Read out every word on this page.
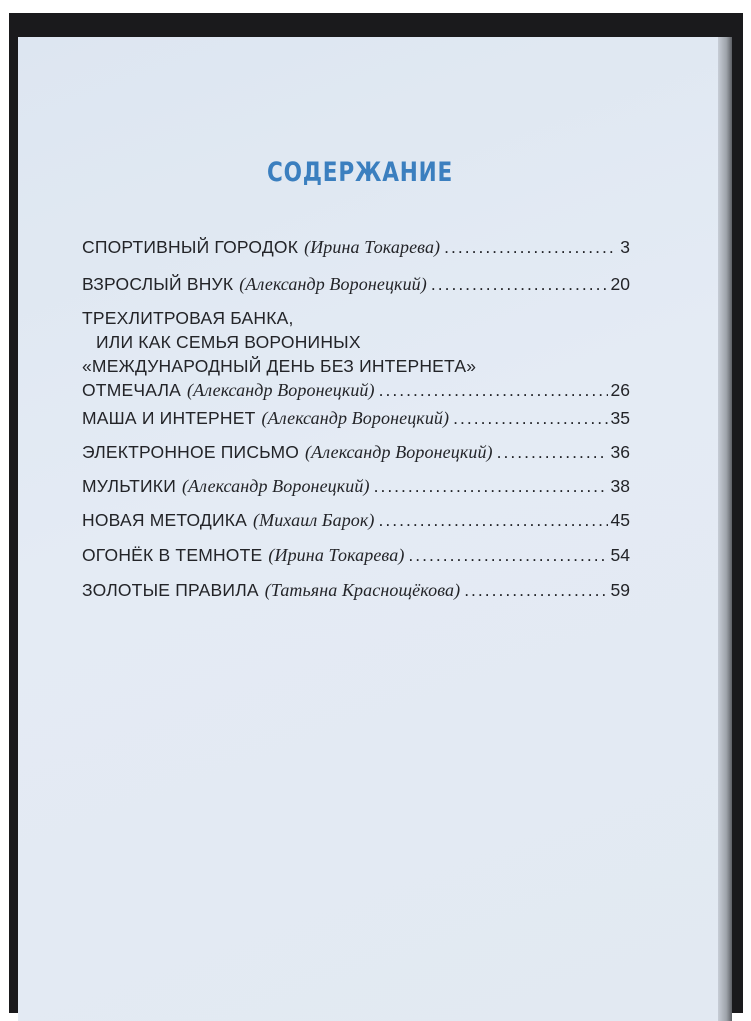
СОДЕРЖАНИЕ
СПОРТИВНЫЙ ГОРОДОК (Ирина Токарева) .....	3
ВЗРОСЛЫЙ ВНУК (Александр Воронецкий) .....	20
ТРЕХЛИТРОВАЯ БАНКА,
ИЛИ КАК СЕМЬЯ ВОРОНИНЫХ
«МЕЖДУНАРОДНЫЙ ДЕНЬ БЕЗ ИНТЕРНЕТА»
ОТМЕЧАЛА (Александр Воронецкий) .....	26
МАША И ИНТЕРНЕТ (Александр Воронецкий) .....	35
ЭЛЕКТРОННОЕ ПИСЬМО (Александр Воронецкий) .....	36
МУЛЬТИКИ (Александр Воронецкий) .....	38
НОВАЯ МЕТОДИКА (Михаил Барок) .....	45
ОГОНЁК В ТЕМНОТЕ (Ирина Токарева) .....	54
ЗОЛОТЫЕ ПРАВИЛА (Татьяна Краснощёкова) .....	59
